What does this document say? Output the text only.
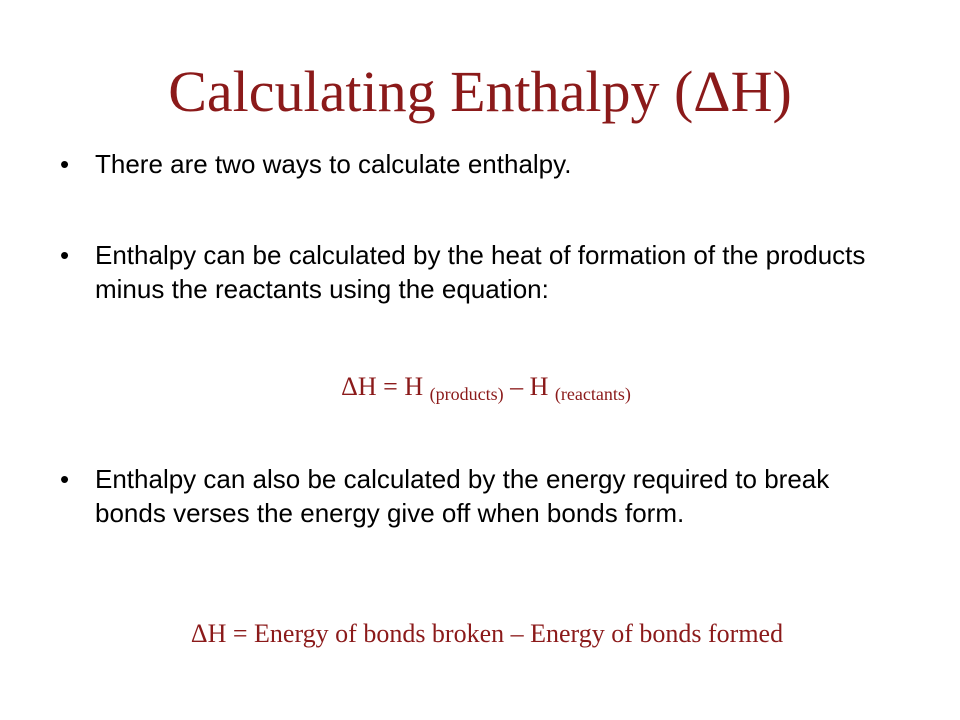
Calculating Enthalpy (ΔH)
• There are two ways to calculate enthalpy.
• Enthalpy can be calculated by the heat of formation of the products minus the reactants using the equation:
ΔH = H (products) – H (reactants)
• Enthalpy can also be calculated by the energy required to break bonds verses the energy give off when bonds form.
ΔH = Energy of bonds broken – Energy of bonds formed
